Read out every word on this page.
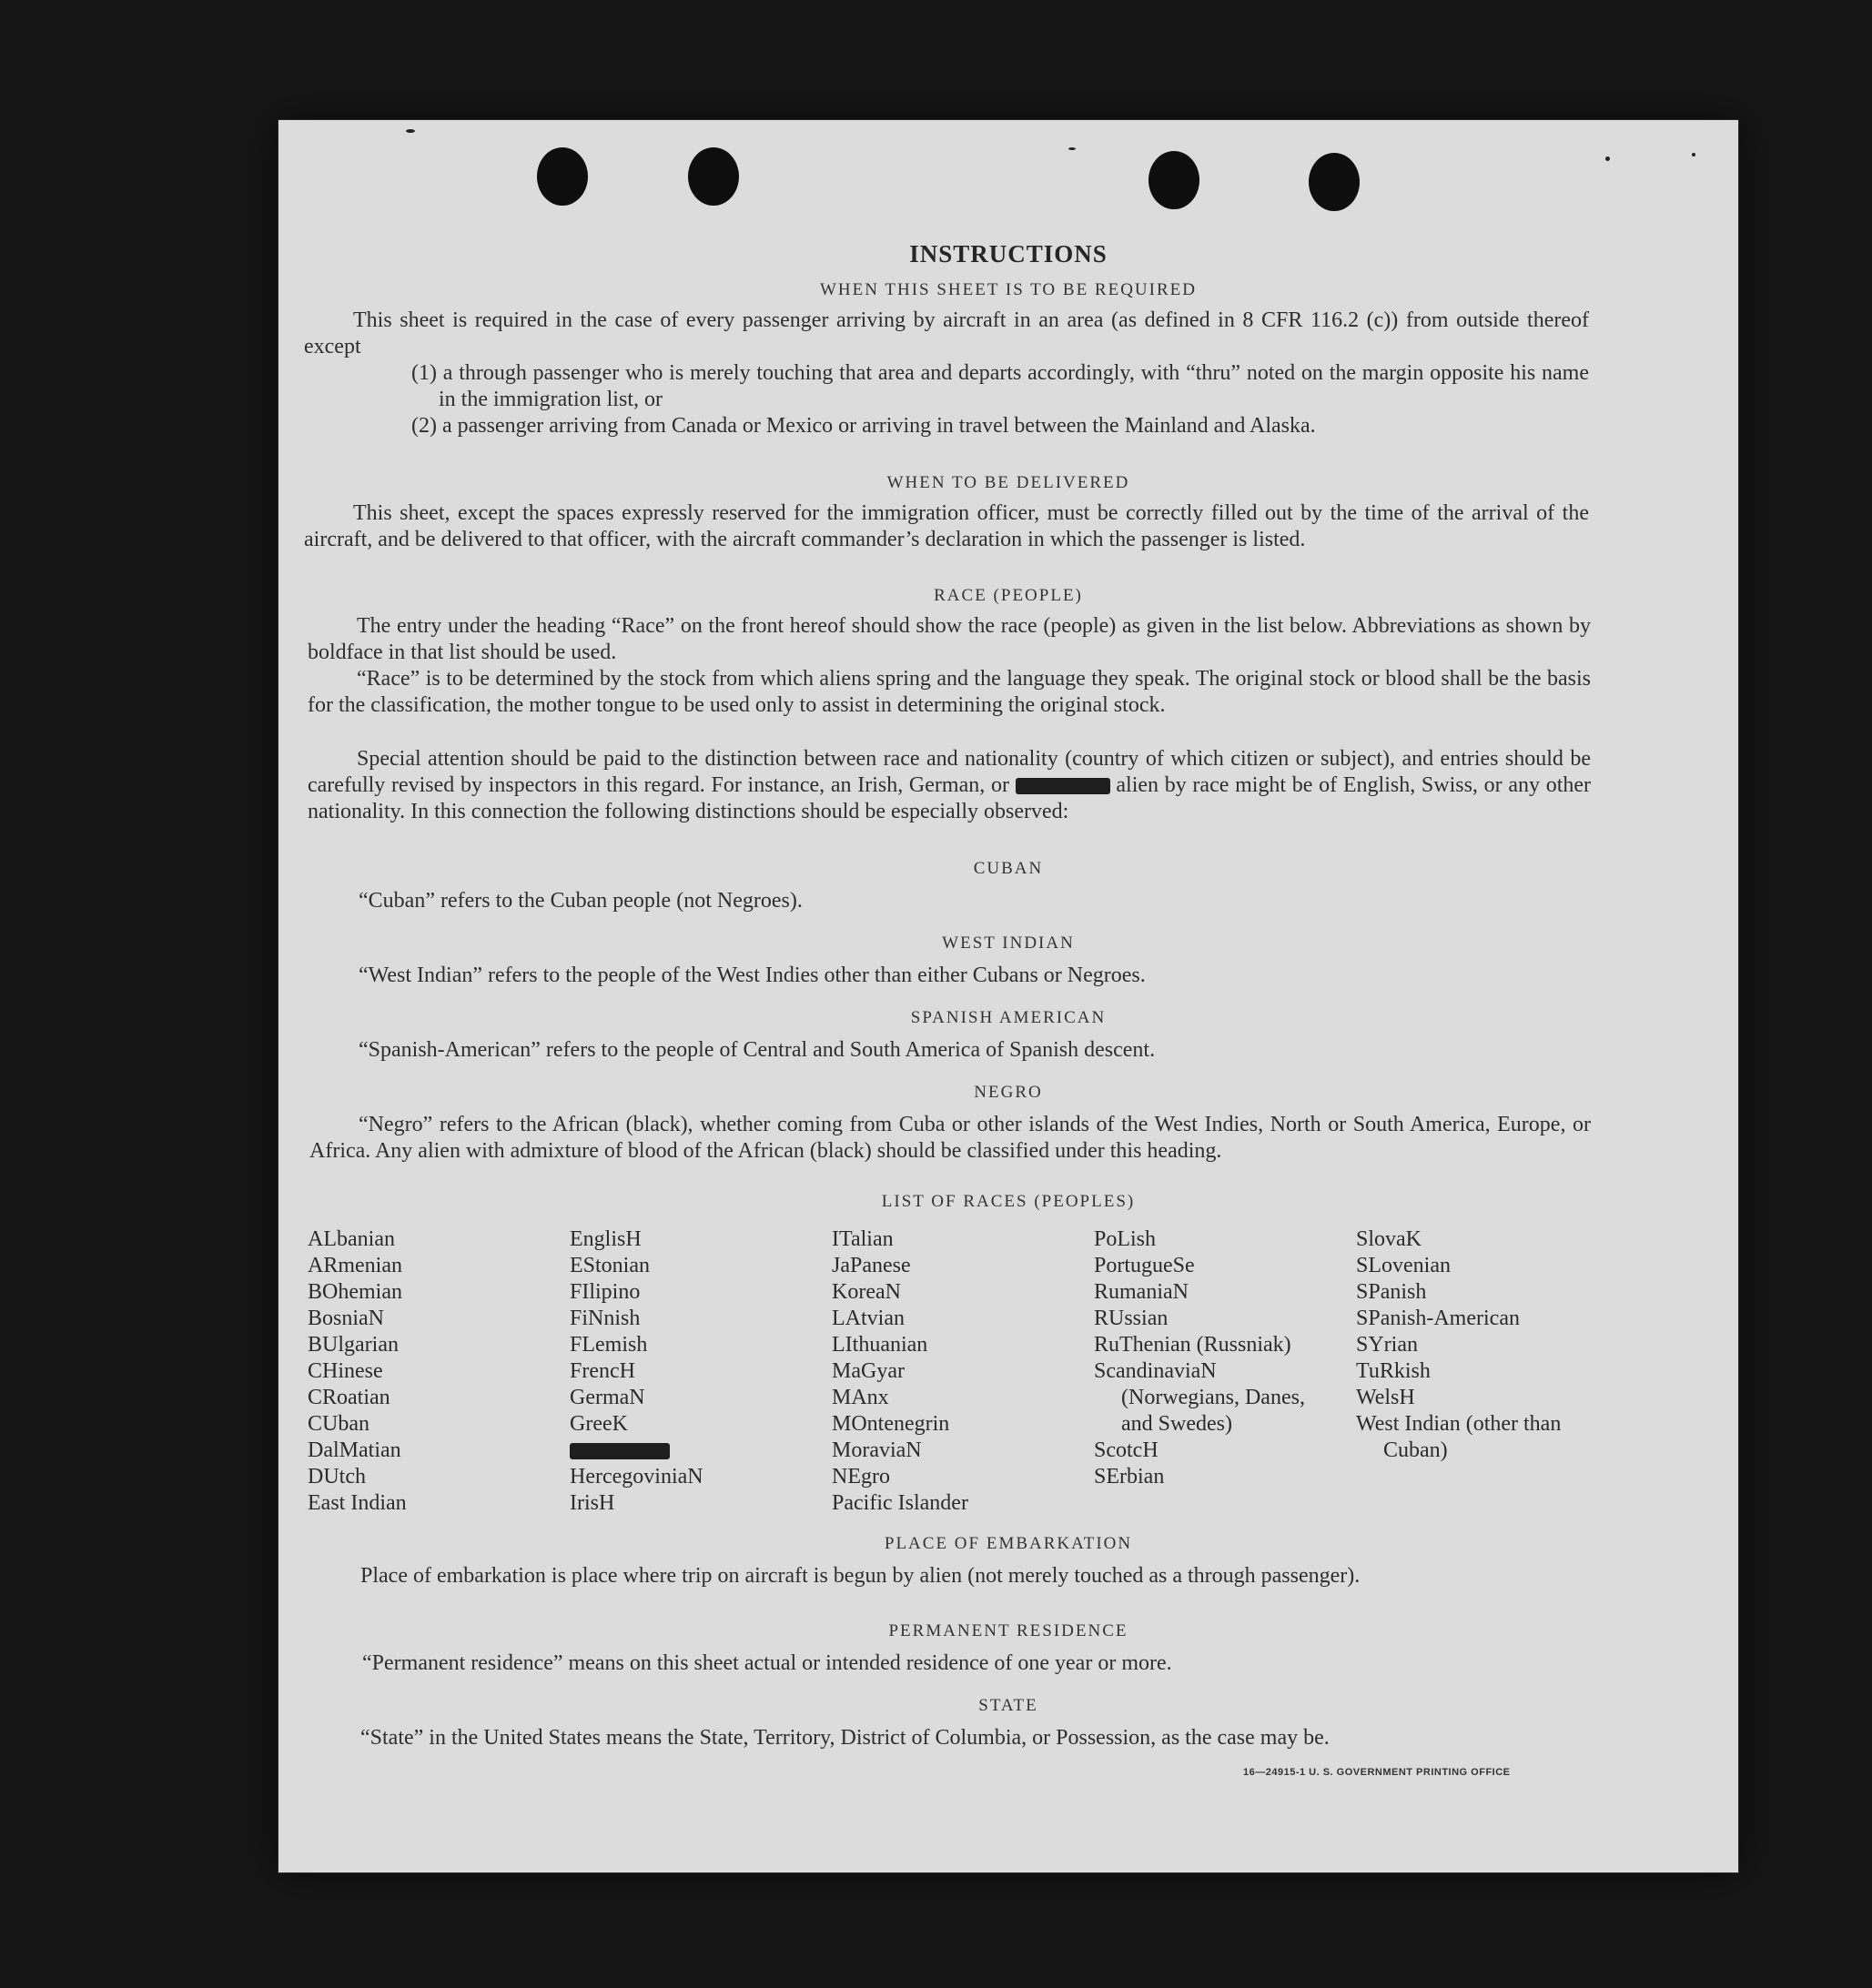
INSTRUCTIONS
WHEN THIS SHEET IS TO BE REQUIRED
This sheet is required in the case of every passenger arriving by aircraft in an area (as defined in 8 CFR 116.2 (c)) from outside thereof except
(1) a through passenger who is merely touching that area and departs accordingly, with “thru” noted on the margin opposite his name in the immigration list, or
(2) a passenger arriving from Canada or Mexico or arriving in travel between the Mainland and Alaska.
WHEN TO BE DELIVERED
This sheet, except the spaces expressly reserved for the immigration officer, must be correctly filled out by the time of the arrival of the aircraft, and be delivered to that officer, with the aircraft commander’s declaration in which the passenger is listed.
RACE (PEOPLE)
The entry under the heading “Race” on the front hereof should show the race (people) as given in the list below. Abbreviations as shown by boldface in that list should be used.
“Race” is to be determined by the stock from which aliens spring and the language they speak. The original stock or blood shall be the basis for the classification, the mother tongue to be used only to assist in determining the original stock.
Special attention should be paid to the distinction between race and nationality (country of which citizen or subject), and entries should be carefully revised by inspectors in this regard. For instance, an Irish, German, or	alien by race might be of English, Swiss, or any other nationality. In this connection the following distinctions should be especially observed:
CUBAN
“Cuban” refers to the Cuban people (not Negroes).
WEST INDIAN
“West Indian” refers to the people of the West Indies other than either Cubans or Negroes.
SPANISH AMERICAN
“Spanish-American” refers to the people of Central and South America of Spanish descent.
NEGRO
“Negro” refers to the African (black), whether coming from Cuba or other islands of the West Indies, North or South America, Europe, or Africa. Any alien with admixture of blood of the African (black) should be classified under this heading.
LIST OF RACES (PEOPLES)
ALbanian
ARmenian
BOhemian
BosniaN
BUlgarian
CHinese
CRoatian
CUban
DalMatian
DUtch
East Indian
EnglisH
EStonian
FIlipino
FiNnish
FLemish
FrencH
GermaN
GreeK
HercegoviniaN
IrisH
ITalian
JaPanese
KoreaN
LAtvian
LIthuanian
MaGyar
MAnx
MOntenegrin
MoraviaN
NEgro
Pacific Islander
PoLish
PortugueSe
RumaniaN
RUssian
RuThenian (Russniak)
ScandinaviaN (Norwegians, Danes, and Swedes)
ScotcH
SErbian
SlovaK
SLovenian
SPanish
SPanish-American
SYrian
TuRkish
WelsH
West Indian (other than Cuban)
PLACE OF EMBARKATION
Place of embarkation is place where trip on aircraft is begun by alien (not merely touched as a through passenger).
PERMANENT RESIDENCE
“Permanent residence” means on this sheet actual or intended residence of one year or more.
STATE
“State” in the United States means the State, Territory, District of Columbia, or Possession, as the case may be.
16—24915-1 U. S. GOVERNMENT PRINTING OFFICE
